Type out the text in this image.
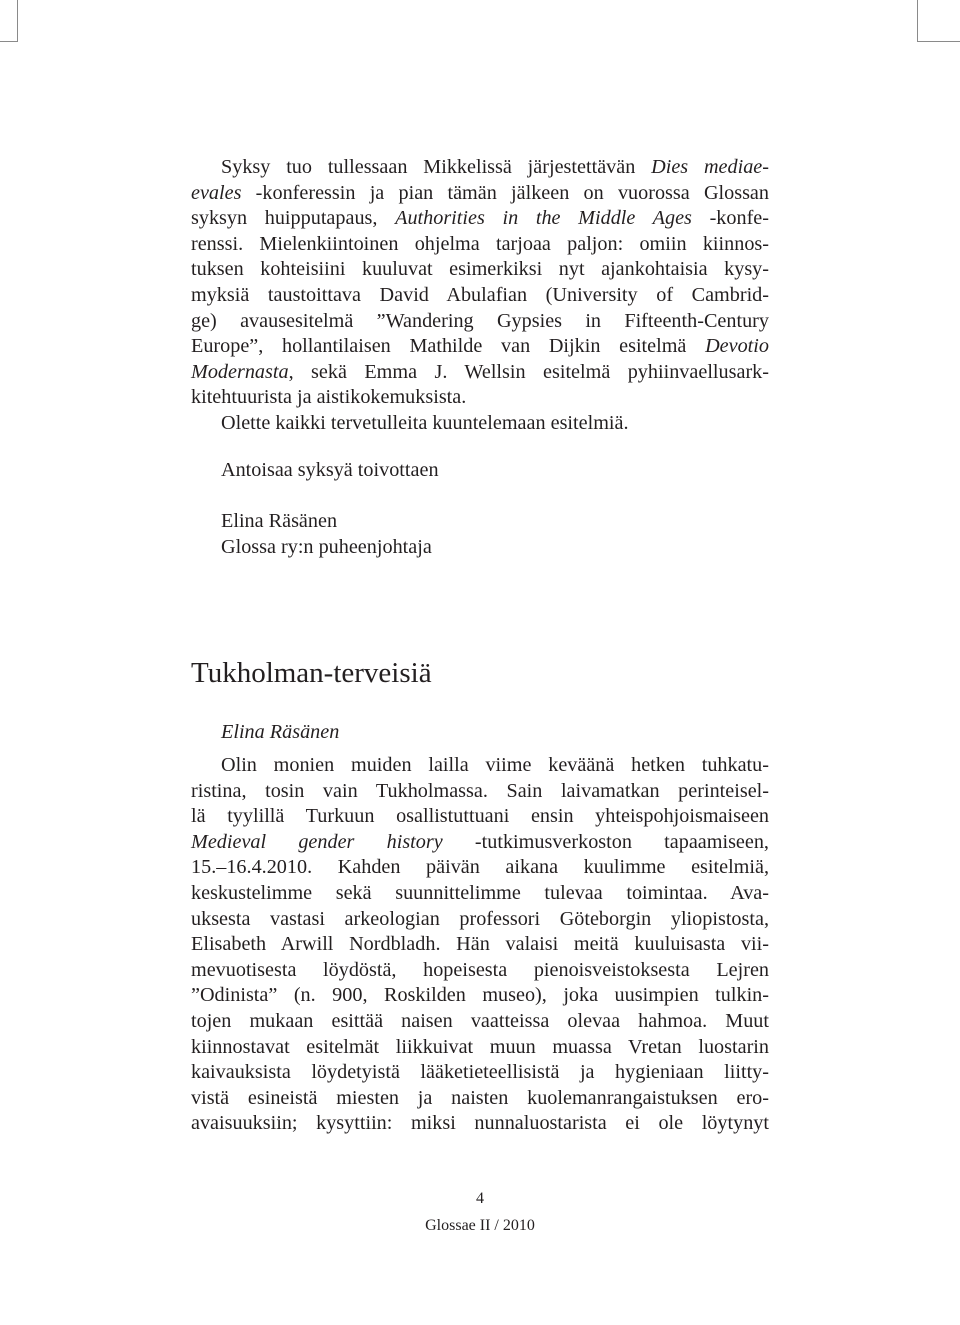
Syksy tuo tullessaan Mikkelissä järjestettävän Dies mediae-
evales -konferessin ja pian tämän jälkeen on vuorossa Glossan
syksyn huipputapaus, Authorities in the Middle Ages -konfe-
renssi. Mielenkiintoinen ohjelma tarjoaa paljon: omiin kiinnos-
tuksen kohteisiini kuuluvat esimerkiksi nyt ajankohtaisia kysy-
myksiä taustoittava David Abulafian (University of Cambrid-
ge) avausesitelmä ”Wandering Gypsies in Fifteenth-Century
Europe”, hollantilaisen Mathilde van Dijkin esitelmä Devotio
Modernasta, sekä Emma J. Wellsin esitelmä pyhiinvaellusark-
kitehtuurista ja aistikokemuksista.
Olette kaikki tervetulleita kuuntelemaan esitelmiä.
Antoisaa syksyä toivottaen
Elina Räsänen
Glossa ry:n puheenjohtaja
Tukholman-terveisiä
Elina Räsänen
Olin monien muiden lailla viime keväänä hetken tuhkatu-
ristina, tosin vain Tukholmassa. Sain laivamatkan perinteisel-
lä tyylillä Turkuun osallistuttuani ensin yhteispohjoismaiseen
Medieval gender history -tutkimusverkoston tapaamiseen,
15.–16.4.2010. Kahden päivän aikana kuulimme esitelmiä,
keskustelimme sekä suunnittelimme tulevaa toimintaa. Ava-
uksesta vastasi arkeologian professori Göteborgin yliopistosta,
Elisabeth Arwill Nordbladh. Hän valaisi meitä kuuluisasta vii-
mevuotisesta löydöstä, hopeisesta pienoisveistoksesta Lejren
”Odinista” (n. 900, Roskilden museo), joka uusimpien tulkin-
tojen mukaan esittää naisen vaatteissa olevaa hahmoa. Muut
kiinnostavat esitelmät liikkuivat muun muassa Vretan luostarin
kaivauksista löydetyistä lääketieteellisistä ja hygieniaan liitty-
vistä esineistä miesten ja naisten kuolemanrangaistuksen ero-
avaisuuksiin; kysyttiin: miksi nunnaluostarista ei ole löytynyt
4
Glossae II / 2010
